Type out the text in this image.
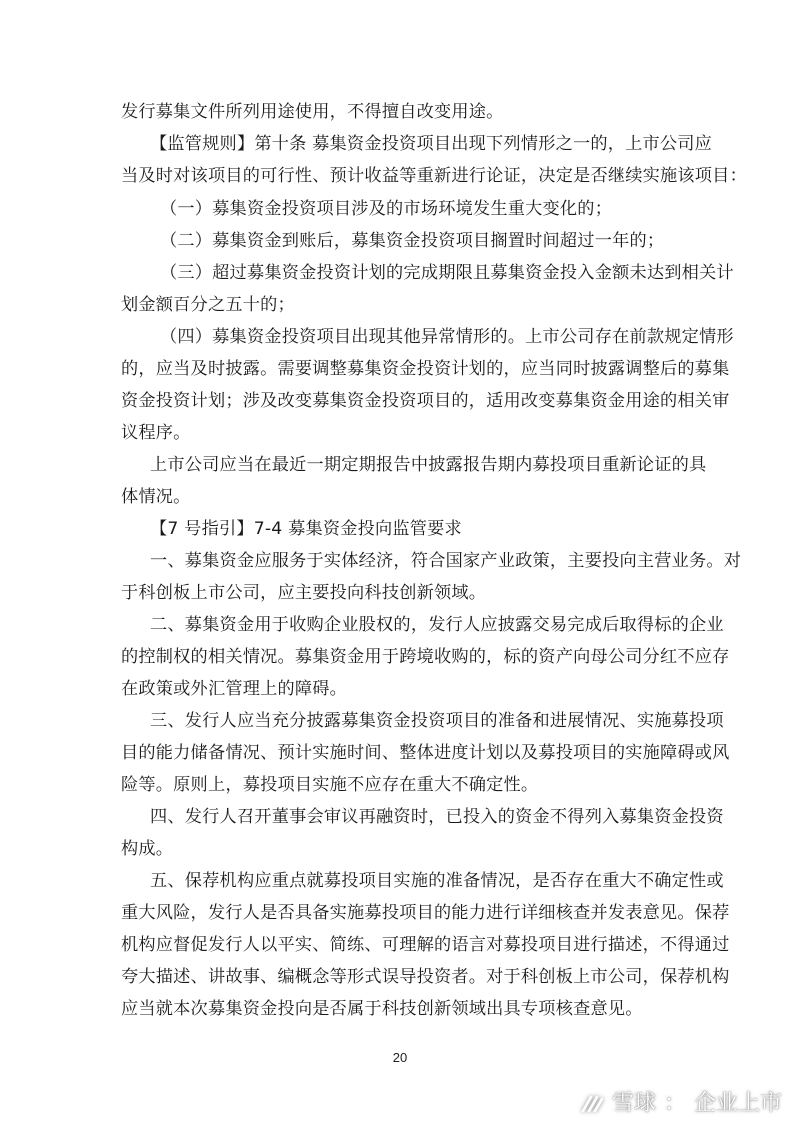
发行募集文件所列用途使用，不得擅自改变用途。
【监管规则】第十条 募集资金投资项目出现下列情形之一的，上市公司应
当及时对该项目的可行性、预计收益等重新进行论证，决定是否继续实施该项目：
（一）募集资金投资项目涉及的市场环境发生重大变化的；
（二）募集资金到账后，募集资金投资项目搁置时间超过一年的；
（三）超过募集资金投资计划的完成期限且募集资金投入金额未达到相关计
划金额百分之五十的；
（四）募集资金投资项目出现其他异常情形的。上市公司存在前款规定情形
的，应当及时披露。需要调整募集资金投资计划的，应当同时披露调整后的募集
资金投资计划；涉及改变募集资金投资项目的，适用改变募集资金用途的相关审
议程序。
上市公司应当在最近一期定期报告中披露报告期内募投项目重新论证的具
体情况。
【7 号指引】7-4 募集资金投向监管要求
一、募集资金应服务于实体经济，符合国家产业政策，主要投向主营业务。对
于科创板上市公司，应主要投向科技创新领域。
二、募集资金用于收购企业股权的，发行人应披露交易完成后取得标的企业
的控制权的相关情况。募集资金用于跨境收购的，标的资产向母公司分红不应存
在政策或外汇管理上的障碍。
三、发行人应当充分披露募集资金投资项目的准备和进展情况、实施募投项
目的能力储备情况、预计实施时间、整体进度计划以及募投项目的实施障碍或风
险等。原则上，募投项目实施不应存在重大不确定性。
四、发行人召开董事会审议再融资时，已投入的资金不得列入募集资金投资
构成。
五、保荐机构应重点就募投项目实施的准备情况，是否存在重大不确定性或
重大风险，发行人是否具备实施募投项目的能力进行详细核查并发表意见。保荐
机构应督促发行人以平实、简练、可理解的语言对募投项目进行描述，不得通过
夸大描述、讲故事、编概念等形式误导投资者。对于科创板上市公司，保荐机构
应当就本次募集资金投向是否属于科技创新领域出具专项核查意见。
20
雪球 ： 企业上市
